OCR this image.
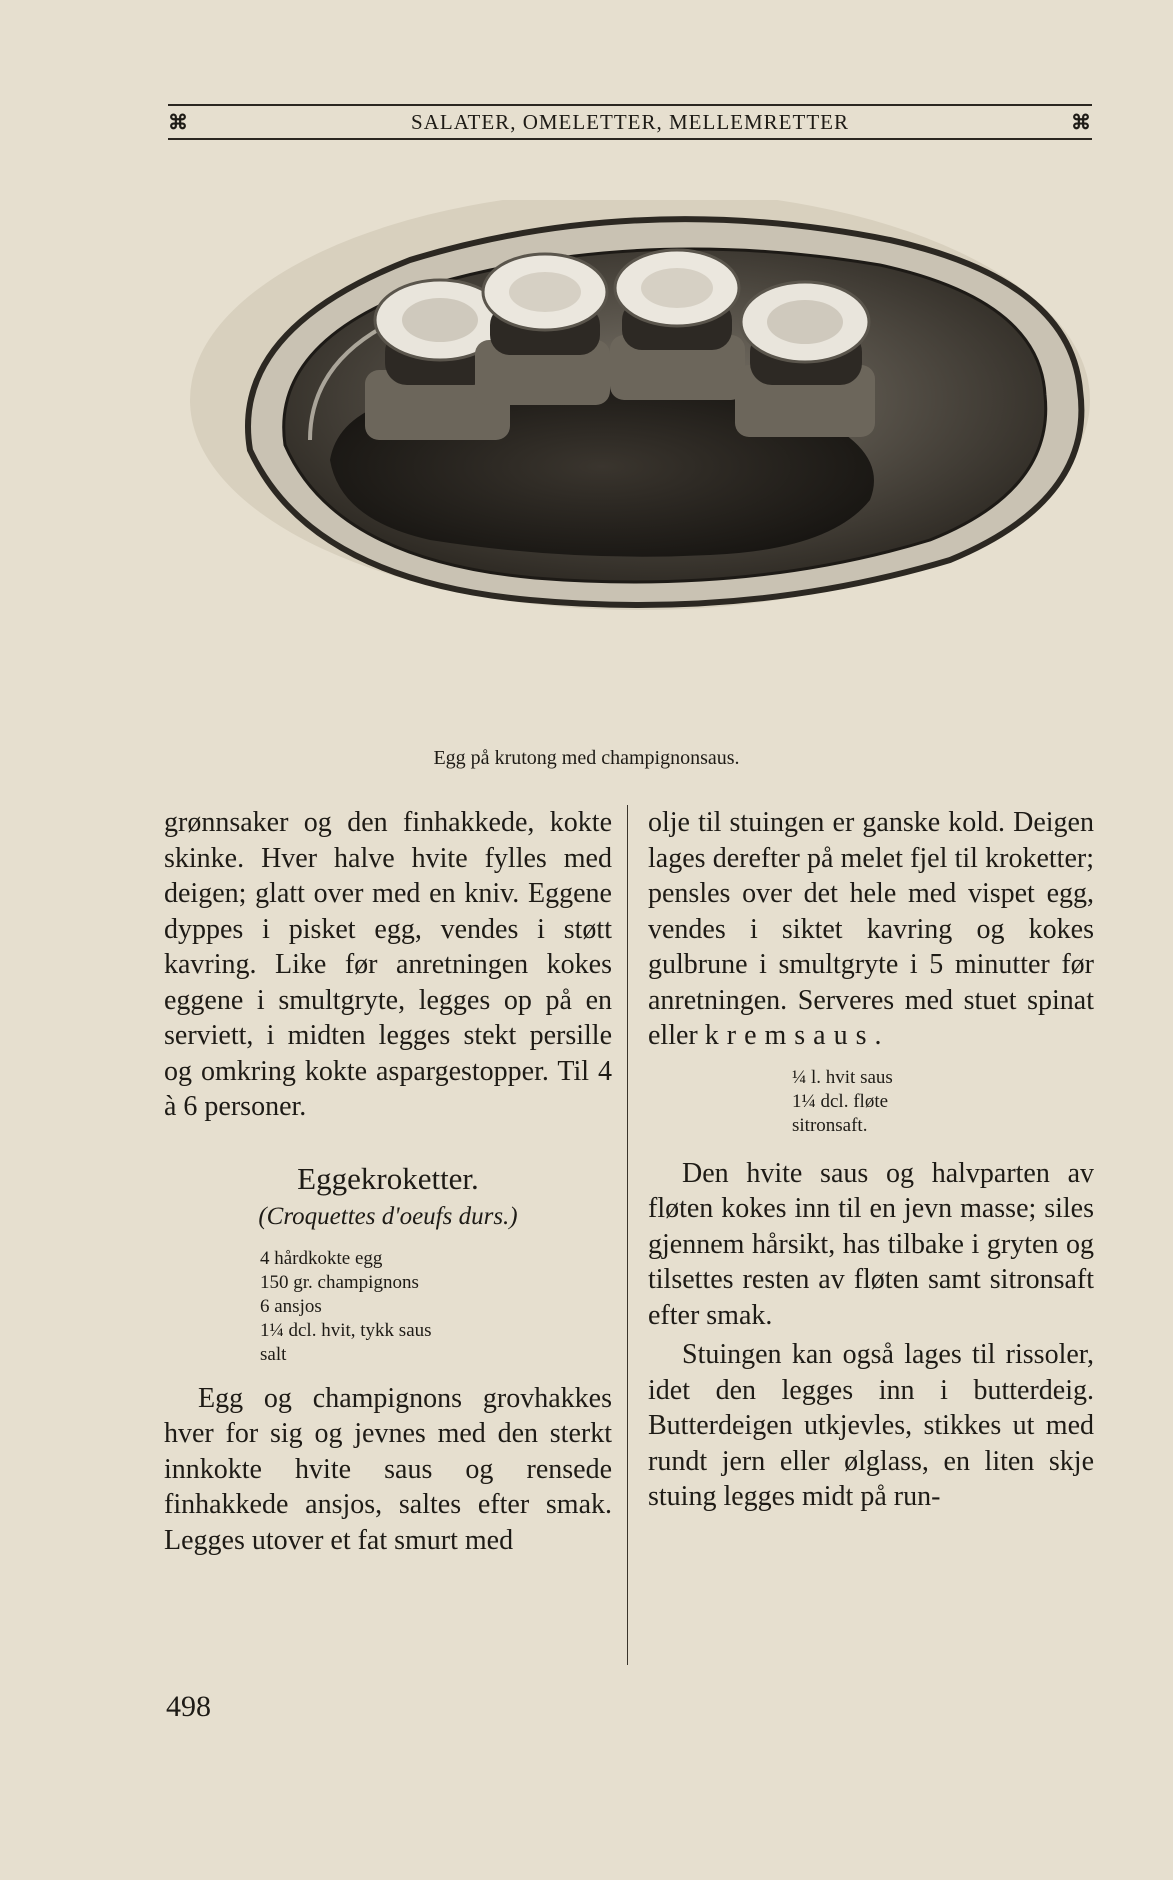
⌘	SALATER, OMELETTER, MELLEMRETTER	⌘
Egg på krutong med champignonsaus.

grønnsaker og den finhakkede, kokte skinke. Hver halve hvite fylles med deigen; glatt over med en kniv. Eggene dyppes i pisket egg, vendes i støtt kavring. Like før anretningen kokes eggene i smultgryte, legges op på en serviett, i midten legges stekt persille og omkring kokte aspargestopper. Til 4 à 6 personer.

Eggekroketter.

(Croquettes d'oeufs durs.)

4 hårdkokte egg
150 gr. champignons
6 ansjos
1¼ dcl. hvit, tykk saus
salt

Egg og champignons grovhakkes hver for sig og jevnes med den sterkt innkokte hvite saus og rensede finhakkede ansjos, saltes efter smak. Legges utover et fat smurt med

olje til stuingen er ganske kold. Deigen lages derefter på melet fjel til kroketter; pensles over det hele med vispet egg, vendes i siktet kavring og kokes gulbrune i smultgryte i 5 minutter før anretningen. Serveres med stuet spinat eller kremsaus.

¼ l. hvit saus
1¼ dcl. fløte
sitronsaft.

Den hvite saus og halvparten av fløten kokes inn til en jevn masse; siles gjennem hårsikt, has tilbake i gryten og tilsettes resten av fløten samt sitronsaft efter smak.

Stuingen kan også lages til rissoler, idet den legges inn i butterdeig. Butterdeigen utkjevles, stikkes ut med rundt jern eller ølglass, en liten skje stuing legges midt på run-

498
